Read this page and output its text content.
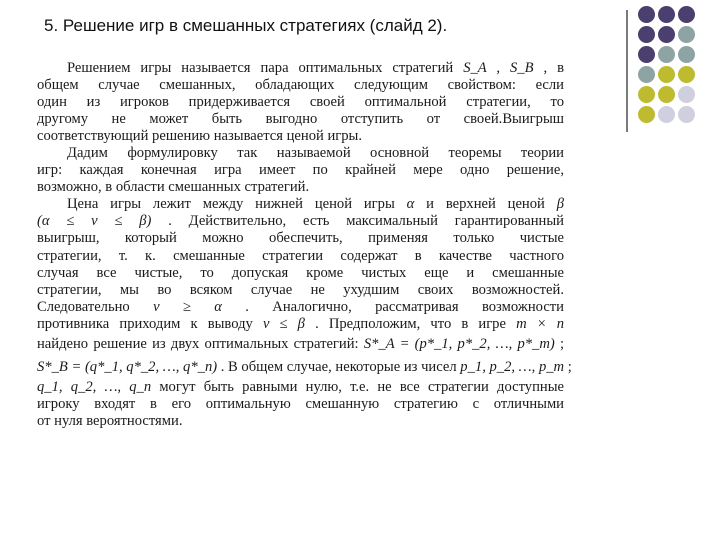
5. Решение игр в смешанных стратегиях (слайд 2).
Решением игры называется пара оптимальных стратегий S_A , S_B , в
общем случае смешанных, обладающих следующим свойством: если
один из игроков придерживается своей оптимальной стратегии, то
другому не может быть выгодно отступить от своей.Выигрыш
соответствующий решению называется ценой игры.
Дадим формулировку так называемой основной теоремы теории
игр: каждая конечная игра имеет по крайней мере одно решение,
возможно, в области смешанных стратегий.
Цена игры лежит между нижней ценой игры α и верхней ценой β
(α ≤ ν ≤ β) . Действительно, есть максимальный гарантированный
выигрыш, который можно обеспечить, применяя только чистые
стратегии, т. к. смешанные стратегии содержат в качестве частного
случая все чистые, то допуская кроме чистых еще и смешанные
стратегии, мы во всяком случае не ухудшим своих возможностей.
Следовательно ν ≥ α . Аналогично, рассматривая возможности
противника приходим к выводу ν ≤ β . Предположим, что в игре m × n
найдено решение из двух оптимальных стратегий: S*_A = (p*_1, p*_2, …, p*_m) ;
S*_B = (q*_1, q*_2, …, q*_n) . В общем случае, некоторые из чисел p_1, p_2, …, p_m ;
q_1, q_2, …, q_n могут быть равными нулю, т.е. не все стратегии доступные
игроку входят в его оптимальную смешанную стратегию с отличными
от нуля вероятностями.
